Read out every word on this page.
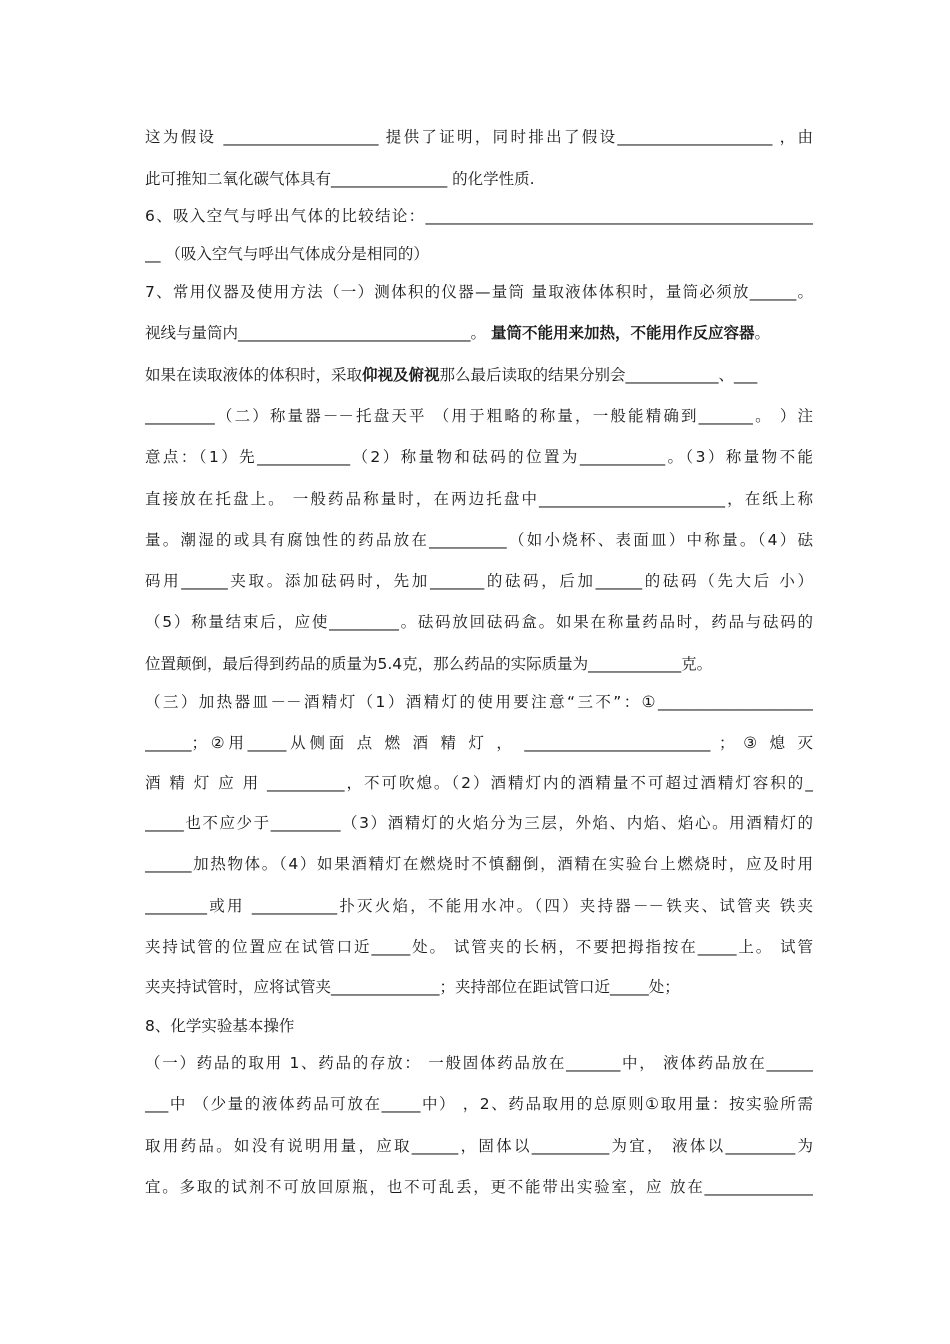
这为假设 ____________________ 提供了证明，同时排出了假设____________________ ，由
此可推知二氧化碳气体具有_______________ 的化学性质.
6、吸入空气与呼出气体的比较结论：__________________________________________________
__ （吸入空气与呼出气体成分是相同的）
7、常用仪器及使用方法（一）测体积的仪器—量筒 量取液体体积时，量筒必须放______。
视线与量筒内______________________________。 量筒不能用来加热，不能用作反应容器。
如果在读取液体的体积时，采取仰视及俯视那么最后读取的结果分别会____________、___
_________（二）称量器－－托盘天平 （用于粗略的称量，一般能精确到_______。 ）注
意点：（1）先____________（2）称量物和砝码的位置为___________。（3）称量物不能
直接放在托盘上。 一般药品称量时，在两边托盘中________________________，在纸上称
量。潮湿的或具有腐蚀性的药品放在__________（如小烧杯、表面皿）中称量。（4）砝
码用______夹取。添加砝码时，先加_______的砝码，后加______的砝码（先大后 小）
（5）称量结束后，应使_________。砝码放回砝码盒。如果在称量药品时，药品与砝码的
位置颠倒，最后得到药品的质量为5.4克，那么药品的实际质量为____________克。
（三）加热器皿－－酒精灯（1）酒精灯的使用要注意“三不”：①____________________
______；②用_____从侧面 点 燃 酒 精 灯 ， ________________________ ； ③ 熄 灭
酒 精 灯 应 用 __________，不可吹熄。（2）酒精灯内的酒精量不可超过酒精灯容积的_
_____也不应少于_________（3）酒精灯的火焰分为三层，外焰、内焰、焰心。用酒精灯的
______加热物体。（4）如果酒精灯在燃烧时不慎翻倒，酒精在实验台上燃烧时，应及时用
________或用 ___________扑灭火焰，不能用水冲。（四）夹持器－－铁夹、试管夹 铁夹
夹持试管的位置应在试管口近_____处。 试管夹的长柄，不要把拇指按在_____上。 试管
夹夹持试管时，应将试管夹______________；夹持部位在距试管口近_____处；
8、化学实验基本操作
（一）药品的取用 1、药品的存放： 一般固体药品放在_______中， 液体药品放在______
___中 （少量的液体药品可放在_____中） ，2、药品取用的总原则①取用量：按实验所需
取用药品。如没有说明用量，应取______，固体以__________为宜， 液体以_________为
宜。多取的试剂不可放回原瓶，也不可乱丢，更不能带出实验室，应 放在______________
